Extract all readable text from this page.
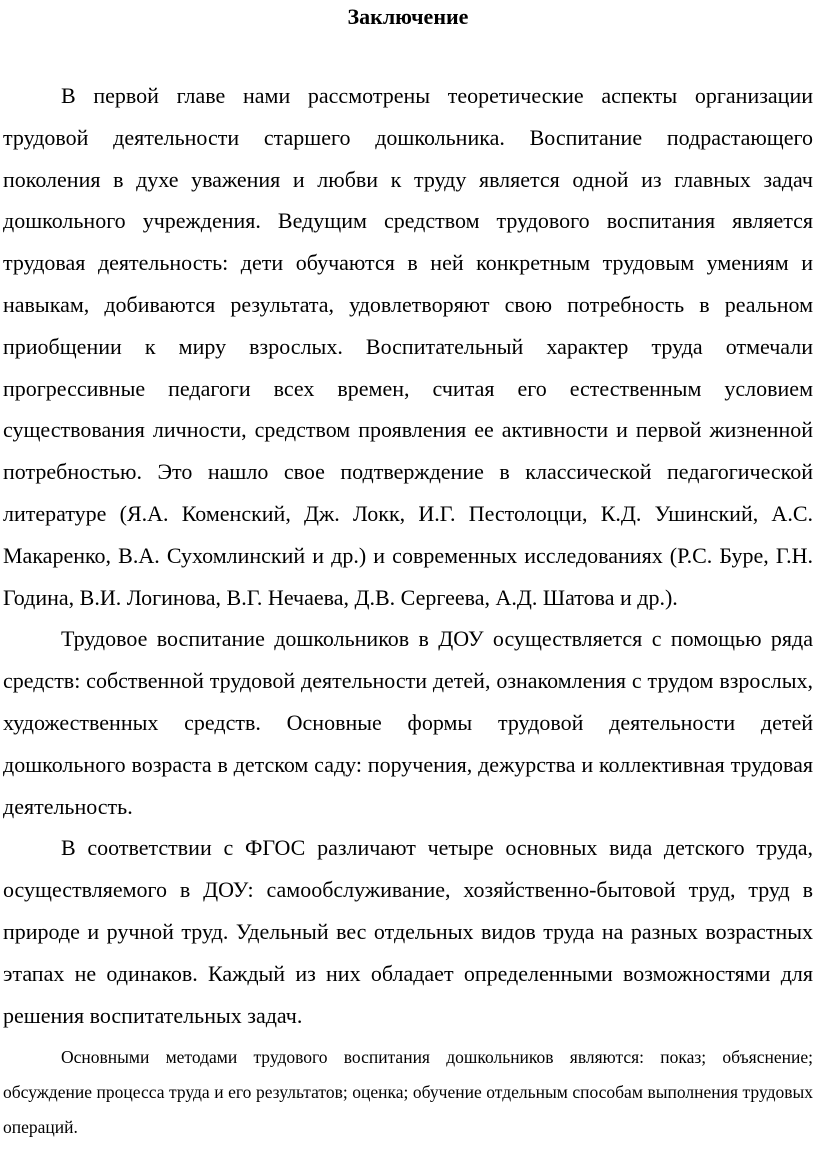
Заключение

В первой главе нами рассмотрены теоретические аспекты организации трудовой деятельности старшего дошкольника. Воспитание подрастающего поколения в духе уважения и любви к труду является одной из главных задач дошкольного учреждения. Ведущим средством трудового воспитания является трудовая деятельность: дети обучаются в ней конкретным трудовым умениям и навыкам, добиваются результата, удовлетворяют свою потребность в реальном приобщении к миру взрослых. Воспитательный характер труда отмечали прогрессивные педагоги всех времен, считая его естественным условием существования личности, средством проявления ее активности и первой жизненной потребностью. Это нашло свое подтверждение в классической педагогической литературе (Я.А. Коменский, Дж. Локк, И.Г. Пестолоцци, К.Д. Ушинский, А.С. Макаренко, В.А. Сухомлинский и др.) и современных исследованиях (Р.С. Буре, Г.Н. Година, В.И. Логинова, В.Г. Нечаева, Д.В. Сергеева, А.Д. Шатова и др.).

Трудовое воспитание дошкольников в ДОУ осуществляется с помощью ряда средств: собственной трудовой деятельности детей, ознакомления с трудом взрослых, художественных средств. Основные формы трудовой деятельности детей дошкольного возраста в детском саду: поручения, дежурства и коллективная трудовая деятельность.

В соответствии с ФГОС различают четыре основных вида детского труда, осуществляемого в ДОУ: самообслуживание, хозяйственно-бытовой труд, труд в природе и ручной труд. Удельный вес отдельных видов труда на разных возрастных этапах не одинаков. Каждый из них обладает определенными возможностями для решения воспитательных задач.

Основными методами трудового воспитания дошкольников являются: показ; объяснение; обсуждение процесса труда и его результатов; оценка; обучение отдельным способам выполнения трудовых операций.
